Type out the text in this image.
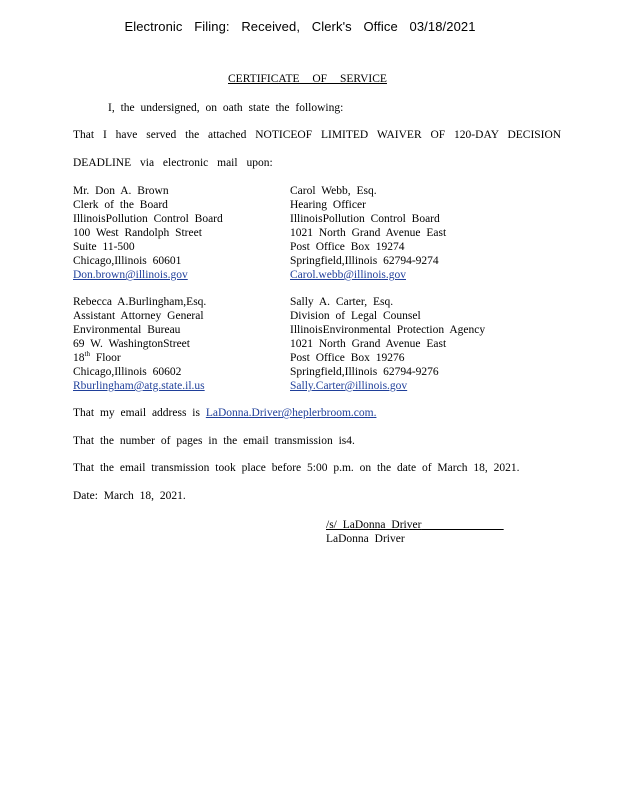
Electronic Filing: Received, Clerk's Office 03/18/2021
CERTIFICATE OF SERVICE
I, the undersigned, on oath state the following:
That I have served the attached NOTICEOF LIMITED WAIVER OF 120-DAY DECISION
DEADLINE via electronic mail upon:
Mr. Don A. Brown
Clerk of the Board
IllinoisPollution Control Board
100 West Randolph Street
Suite 11-500
Chicago,Illinois 60601
Don.brown@illinois.gov
Carol Webb, Esq.
Hearing Officer
IllinoisPollution Control Board
1021 North Grand Avenue East
Post Office Box 19274
Springfield,Illinois 62794-9274
Carol.webb@illinois.gov
Rebecca A.Burlingham,Esq.
Assistant Attorney General
Environmental Bureau
69 W. WashingtonStreet
18th Floor
Chicago,Illinois 60602
Rburlingham@atg.state.il.us
Sally A. Carter, Esq.
Division of Legal Counsel
IllinoisEnvironmental Protection Agency
1021 North Grand Avenue East
Post Office Box 19276
Springfield,Illinois 62794-9276
Sally.Carter@illinois.gov
That my email address is LaDonna.Driver@heplerbroom.com.
That the number of pages in the email transmission is4.
That the email transmission took place before 5:00 p.m. on the date of March 18, 2021.
Date: March 18, 2021.
/s/ LaDonna Driver
LaDonna Driver
